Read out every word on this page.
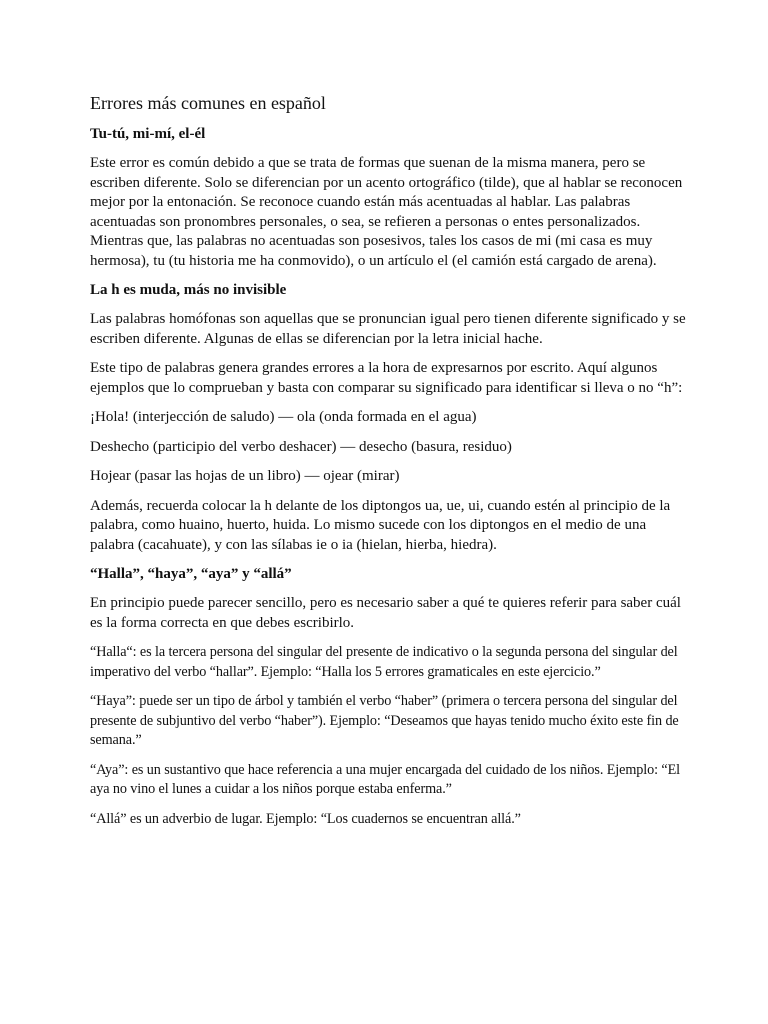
Errores más comunes en español
Tu-tú, mi-mí, el-él
Este error es común debido a que se trata de formas que suenan de la misma manera, pero se escriben diferente. Solo se diferencian por un acento ortográfico (tilde), que al hablar se reconocen mejor por la entonación. Se reconoce cuando están más acentuadas al hablar. Las palabras acentuadas son pronombres personales, o sea, se refieren a personas o entes personalizados. Mientras que, las palabras no acentuadas son posesivos, tales los casos de mi (mi casa es muy hermosa), tu (tu historia me ha conmovido), o un artículo el (el camión está cargado de arena).
La h es muda, más no invisible
Las palabras homófonas son aquellas que se pronuncian igual pero tienen diferente significado y se escriben diferente. Algunas de ellas se diferencian por la letra inicial hache.
Este tipo de palabras genera grandes errores a la hora de expresarnos por escrito. Aquí algunos ejemplos que lo comprueban y basta con comparar su significado para identificar si lleva o no “h”:
¡Hola! (interjección de saludo) — ola (onda formada en el agua)
Deshecho (participio del verbo deshacer) — desecho (basura, residuo)
Hojear (pasar las hojas de un libro) — ojear (mirar)
Además, recuerda colocar la h delante de los diptongos ua, ue, ui, cuando estén al principio de la palabra, como huaino, huerto, huida. Lo mismo sucede con los diptongos en el medio de una palabra (cacahuate), y con las sílabas ie o ia (hielan, hierba, hiedra).
“Halla”, “haya”, “aya” y “allá”
En principio puede parecer sencillo, pero es necesario saber a qué te quieres referir para saber cuál es la forma correcta en que debes escribirlo.
“Halla“: es la tercera persona del singular del presente de indicativo o la segunda persona del singular del imperativo del verbo “hallar”. Ejemplo: “Halla los 5 errores gramaticales en este ejercicio.”
“Haya”: puede ser un tipo de árbol y también el verbo “haber” (primera o tercera persona del singular del presente de subjuntivo del verbo “haber”). Ejemplo: “Deseamos que hayas tenido mucho éxito este fin de semana.”
“Aya”: es un sustantivo que hace referencia a una mujer encargada del cuidado de los niños. Ejemplo: “El aya no vino el lunes a cuidar a los niños porque estaba enferma.”
“Allá” es un adverbio de lugar. Ejemplo: “Los cuadernos se encuentran allá.”
